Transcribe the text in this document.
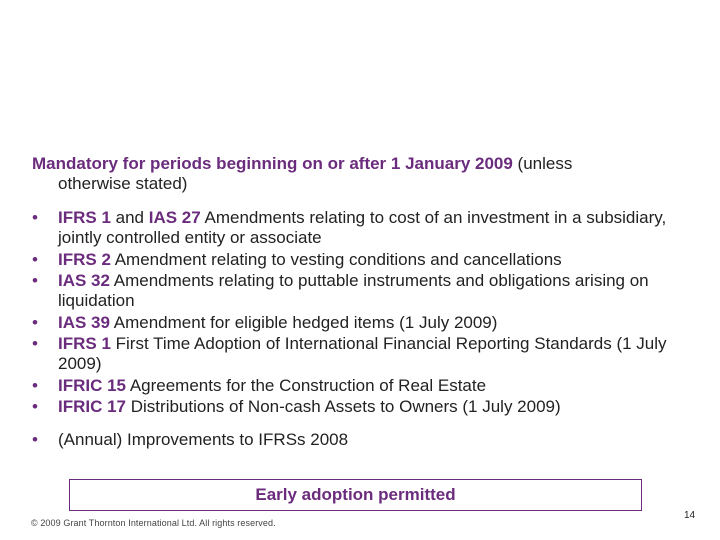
Mandatory for periods beginning on or after 1 January 2009 (unless
otherwise stated)
• IFRS 1 and IAS 27 Amendments relating to cost of an investment in a subsidiary, jointly controlled entity or associate
• IFRS 2 Amendment relating to vesting conditions and cancellations
• IAS 32 Amendments relating to puttable instruments and obligations arising on liquidation
• IAS 39 Amendment for eligible hedged items (1 July 2009)
• IFRS 1 First Time Adoption of International Financial Reporting Standards (1 July 2009)
• IFRIC 15 Agreements for the Construction of Real Estate
• IFRIC 17 Distributions of Non-cash Assets to Owners (1 July 2009)
• (Annual) Improvements to IFRSs 2008
Early adoption permitted
© 2009 Grant Thornton International Ltd. All rights reserved.
14
